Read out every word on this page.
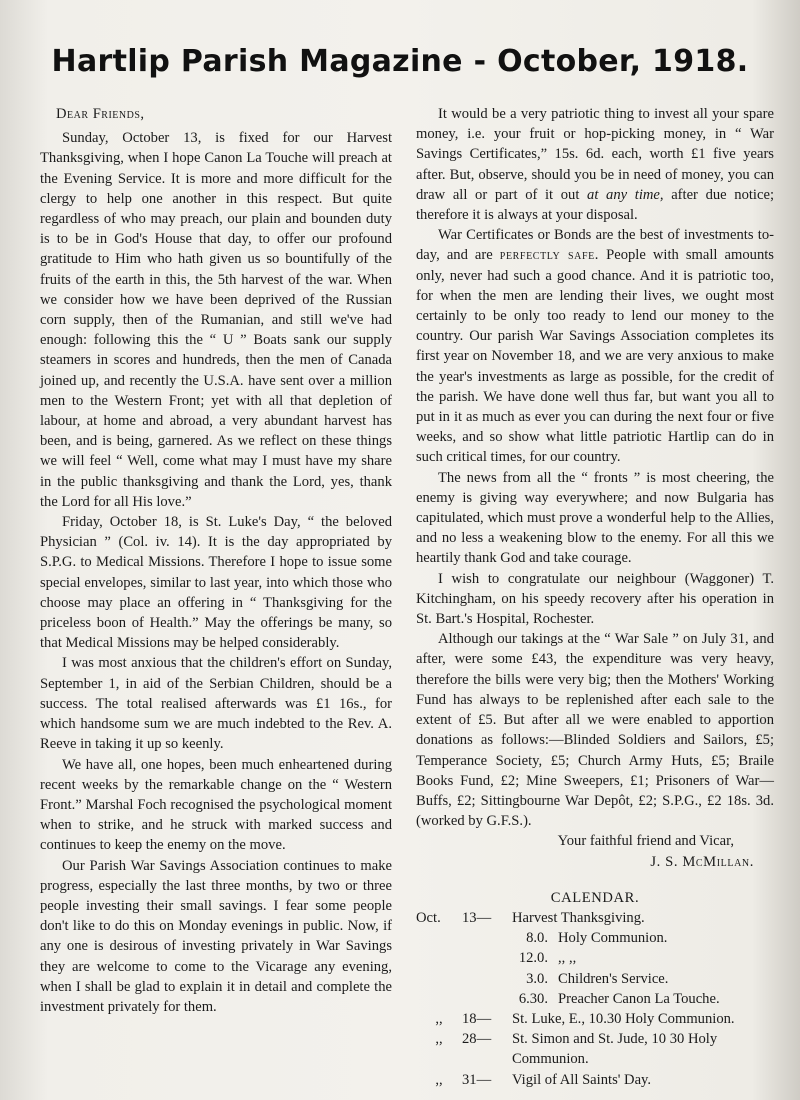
Hartlip Parish Magazine - October, 1918.

Dear Friends,

Sunday, October 13, is fixed for our Harvest Thanksgiving, when I hope Canon La Touche will preach at the Evening Service. It is more and more difficult for the clergy to help one another in this respect. But quite regardless of who may preach, our plain and bounden duty is to be in God's House that day, to offer our profound gratitude to Him who hath given us so bountifully of the fruits of the earth in this, the 5th harvest of the war. When we consider how we have been deprived of the Russian corn supply, then of the Rumanian, and still we've had enough: following this the “ U ” Boats sank our supply steamers in scores and hundreds, then the men of Canada joined up, and recently the U.S.A. have sent over a million men to the Western Front; yet with all that depletion of labour, at home and abroad, a very abundant harvest has been, and is being, garnered. As we reflect on these things we will feel “ Well, come what may I must have my share in the public thanksgiving and thank the Lord, yes, thank the Lord for all His love.”

Friday, October 18, is St. Luke's Day, “ the beloved Physician ” (Col. iv. 14). It is the day appropriated by S.P.G. to Medical Missions. Therefore I hope to issue some special envelopes, similar to last year, into which those who choose may place an offering in “ Thanksgiving for the priceless boon of Health.” May the offerings be many, so that Medical Missions may be helped considerably.

I was most anxious that the children's effort on Sunday, September 1, in aid of the Serbian Children, should be a success. The total realised afterwards was £1 16s., for which handsome sum we are much indebted to the Rev. A. Reeve in taking it up so keenly.

We have all, one hopes, been much enheartened during recent weeks by the remarkable change on the “ Western Front.” Marshal Foch recognised the psychological moment when to strike, and he struck with marked success and continues to keep the enemy on the move.

Our Parish War Savings Association continues to make progress, especially the last three months, by two or three people investing their small savings. I fear some people don't like to do this on Monday evenings in public. Now, if any one is desirous of investing privately in War Savings they are welcome to come to the Vicarage any evening, when I shall be glad to explain it in detail and complete the investment privately for them.

It would be a very patriotic thing to invest all your spare money, i.e. your fruit or hop-picking money, in “ War Savings Certificates,” 15s. 6d. each, worth £1 five years after. But, observe, should you be in need of money, you can draw all or part of it out at any time, after due notice; therefore it is always at your disposal.

War Certificates or Bonds are the best of investments to-day, and are perfectly safe. People with small amounts only, never had such a good chance. And it is patriotic too, for when the men are lending their lives, we ought most certainly to be only too ready to lend our money to the country. Our parish War Savings Association completes its first year on November 18, and we are very anxious to make the year's investments as large as possible, for the credit of the parish. We have done well thus far, but want you all to put in it as much as ever you can during the next four or five weeks, and so show what little patriotic Hartlip can do in such critical times, for our country.

The news from all the “ fronts ” is most cheering, the enemy is giving way everywhere; and now Bulgaria has capitulated, which must prove a wonderful help to the Allies, and no less a weakening blow to the enemy. For all this we heartily thank God and take courage.

I wish to congratulate our neighbour (Waggoner) T. Kitchingham, on his speedy recovery after his operation in St. Bart.'s Hospital, Rochester.

Although our takings at the “ War Sale ” on July 31, and after, were some £43, the expenditure was very heavy, therefore the bills were very big; then the Mothers' Working Fund has always to be replenished after each sale to the extent of £5. But after all we were enabled to apportion donations as follows:—Blinded Soldiers and Sailors, £5; Temperance Society, £5; Church Army Huts, £5; Braile Books Fund, £2; Mine Sweepers, £1; Prisoners of War—Buffs, £2; Sittingbourne War Depôt, £2; S.P.G., £2 18s. 3d. (worked by G.F.S.).

Your faithful friend and Vicar,

J. S. McMillan.

CALENDAR.

Oct.	13—	Harvest Thanksgiving.
8.0. Holy Communion.
12.0. ,, ,,
3.0. Children's Service.
6.30. Preacher Canon La Touche.
,,	18—	St. Luke, E., 10.30 Holy Communion.
,,	28—	St. Simon and St. Jude, 10 30 Holy
Communion.
,,	31—	Vigil of All Saints' Day.
